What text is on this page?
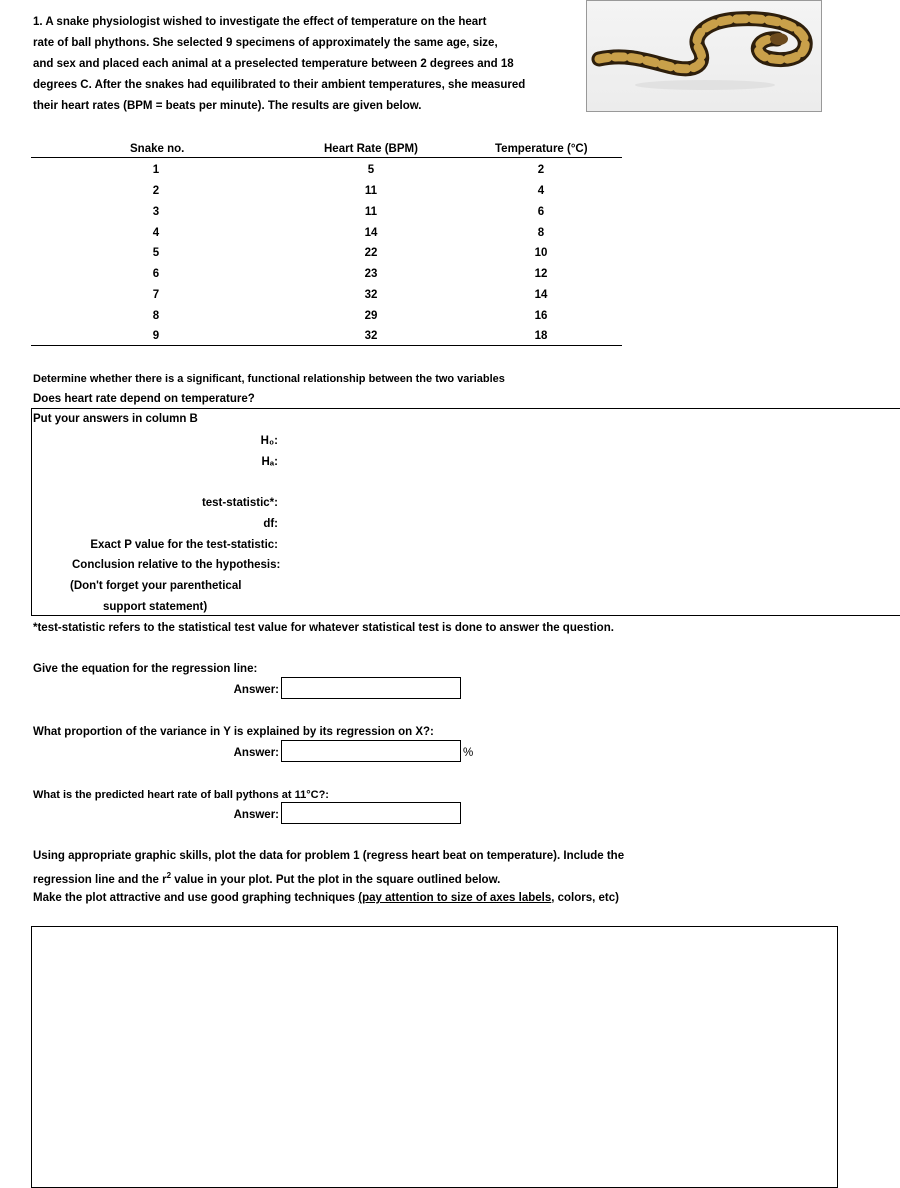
1. A snake physiologist wished to investigate the effect of temperature on the heart
rate of ball phythons. She selected 9 specimens of approximately the same age, size,
and sex and placed each animal at a preselected temperature between 2 degrees and 18
degrees C. After the snakes had equilibrated to their ambient temperatures, she measured
their heart rates (BPM = beats per minute). The results are given below.
Snake no.	Heart Rate (BPM)	Temperature (°C)
1	5	2
2	11	4
3	11	6
4	14	8
5	22	10
6	23	12
7	32	14
8	29	16
9	32	18
Determine whether there is a significant, functional relationship between the two variables
Does heart rate depend on temperature?
Put your answers in column B
H₀:
Hₐ:
test-statistic*:
df:
Exact P value for the test-statistic:
Conclusion relative to the hypothesis:
(Don't forget your parenthetical
support statement)
*test-statistic refers to the statistical test value for whatever statistical test is done to answer the question.
Give the equation for the regression line:
Answer:
What proportion of the variance in Y is explained by its regression on X?:
Answer:	%
What is the predicted heart rate of ball pythons at 11°C?:
Answer:
Using appropriate graphic skills, plot the data for problem 1 (regress heart beat on temperature). Include the
regression line and the $r^2$ value in your plot. Put the plot in the square outlined below.
Make the plot attractive and use good graphing techniques (pay attention to size of axes labels, colors, etc)
